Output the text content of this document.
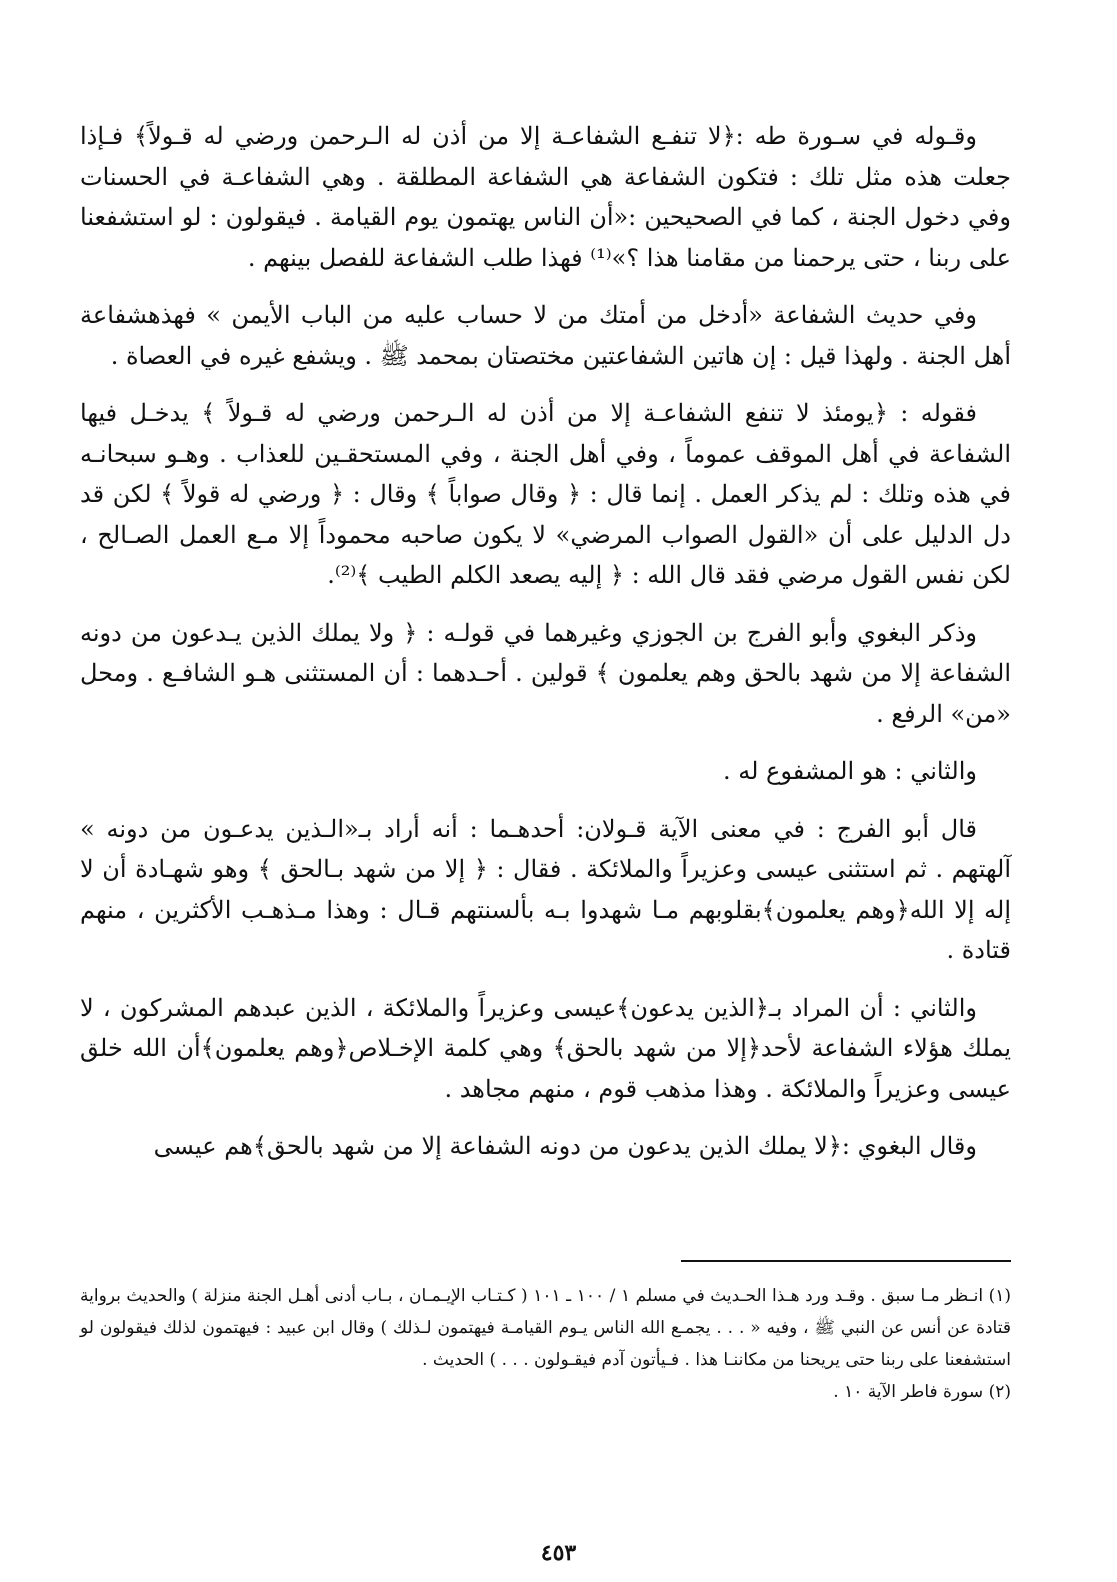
وقـوله في سـورة طه :﴿لا تنفـع الشفاعـة إلا من أذن له الـرحمن ورضي له قـولاً﴾ فـإذا جعلت هذه مثل تلك : فتكون الشفاعة هي الشفاعة المطلقة . وهي الشفاعـة في الحسنات وفي دخول الجنة ، كما في الصحيحين :«أن الناس يهتمون يوم القيامة . فيقولون : لو استشفعنا على ربنا ، حتى يرحمنا من مقامنا هذا ؟»⁽¹⁾ فهذا طلب الشفاعة للفصل بينهم .

وفي حديث الشفاعة «أدخل من أمتك من لا حساب عليه من الباب الأيمن » فهذهشفاعة أهل الجنة . ولهذا قيل : إن هاتين الشفاعتين مختصتان بمحمد ﷺ . ويشفع غيره في العصاة .

فقوله : ﴿يومئذ لا تنفع الشفاعـة إلا من أذن له الـرحمن ورضي له قـولاً ﴾ يدخـل فيها الشفاعة في أهل الموقف عموماً ، وفي أهل الجنة ، وفي المستحقـين للعذاب . وهـو سبحانـه في هذه وتلك : لم يذكر العمل . إنما قال : ﴿ وقال صواباً ﴾ وقال : ﴿ ورضي له قولاً ﴾ لكن قد دل الدليل على أن «القول الصواب المرضي» لا يكون صاحبه محموداً إلا مـع العمل الصـالح ، لكن نفس القول مرضي فقد قال الله : ﴿ إليه يصعد الكلم الطيب ﴾⁽²⁾.

وذكر البغوي وأبو الفرج بن الجوزي وغيرهما في قولـه : ﴿ ولا يملك الذين يـدعون من دونه الشفاعة إلا من شهد بالحق وهم يعلمون ﴾ قولين . أحـدهما : أن المستثنى هـو الشافـع . ومحل «من» الرفع .

والثاني : هو المشفوع له .

قال أبو الفرج : في معنى الآية قـولان: أحدهـما : أنه أراد بـ«الـذين يدعـون من دونه » آلهتهم . ثم استثنى عيسى وعزيراً والملائكة . فقال : ﴿ إلا من شهد بـالحق ﴾ وهو شهـادة أن لا إله إلا الله﴿وهم يعلمون﴾بقلوبهم مـا شهدوا بـه بألسنتهم قـال : وهذا مـذهـب الأكثرين ، منهم قتادة .

والثاني : أن المراد بـ﴿الذين يدعون﴾عيسى وعزيراً والملائكة ، الذين عبدهم المشركون ، لا يملك هؤلاء الشفاعة لأحد﴿إلا من شهد بالحق﴾ وهي كلمة الإخـلاص﴿وهم يعلمون﴾أن الله خلق عيسى وعزيراً والملائكة . وهذا مذهب قوم ، منهم مجاهد .

وقال البغوي :﴿لا يملك الذين يدعون من دونه الشفاعة إلا من شهد بالحق﴾هم عيسى

(١) انـظر مـا سبق . وقـد ورد هـذا الحـديث في مسلم ١ / ١٠٠ ـ ١٠١ ( كـتـاب الإيـمـان ، بـاب أدنى أهـل الجنة منزلة ) والحديث برواية قتادة عن أنس عن النبي ﷺ ، وفيه « . . . يجمـع الله الناس يـوم القيامـة فيهتمون لـذلك ) وقال ابن عبيد : فيهتمون لذلك فيقولون لو استشفعنا على ربنا حتى يريحنا من مكاننـا هذا . فـيأتون آدم فيقـولون . . . ) الحديث .

(٢) سورة فاطر الآية ١٠ .

٤٥٣
